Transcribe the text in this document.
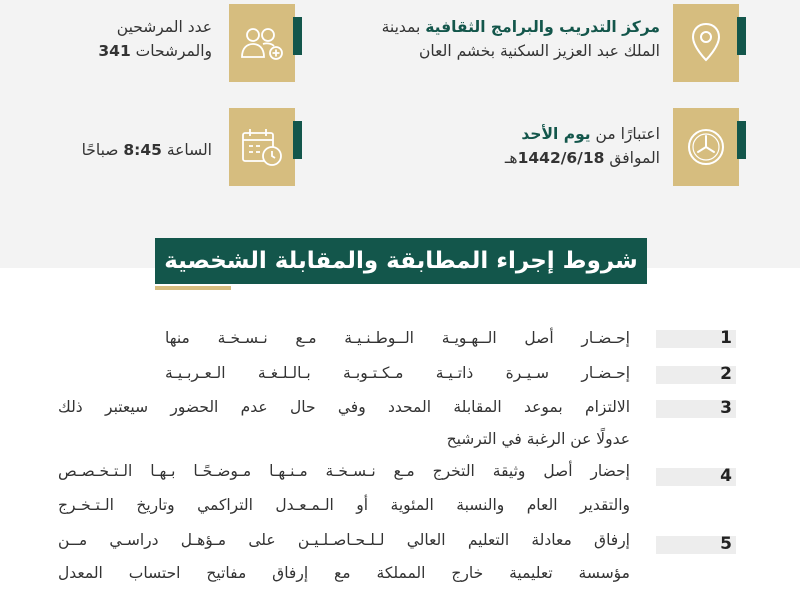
مركز التدريب والبرامج الثقافية بمدينة
الملك عبد العزيز السكنية بخشم العان
عدد المرشحين
والمرشحات 341
اعتبارًا من يوم الأحد
الموافق 1442/6/18هـ
الساعة 8:45 صباحًا
شروط إجراء المطابقة والمقابلة الشخصية
1
إحـضـار أصل الــهـويـة الــوطـنـيـة مـع نـسـخـة منها
2
إحـضـار سـيـرة ذاتـيـة مـكـتـوبـة بـالـلـغـة الـعـربـيـة
3
الالتزام بموعد المقابلة المحدد وفي حال عدم الحضور سيعتبر ذلك
عدولًا عن الرغبة في الترشيح
4
إحضار أصل وثيقة التخرج مـع نـسـخـة مـنـهـا مـوضـحًـا بـهـا الـتـخـصـص
والتقدير العام والنسبة المئوية أو الـمـعـدل التراكمي وتاريخ الـتـخـرج
5
إرفاق معادلة التعليم العالي لـلـحـاصـلـيـن على مـؤهـل دراسـي مــن
مؤسسة تعليمية خارج المملكة مع إرفاق مفاتيح احتساب المعدل
